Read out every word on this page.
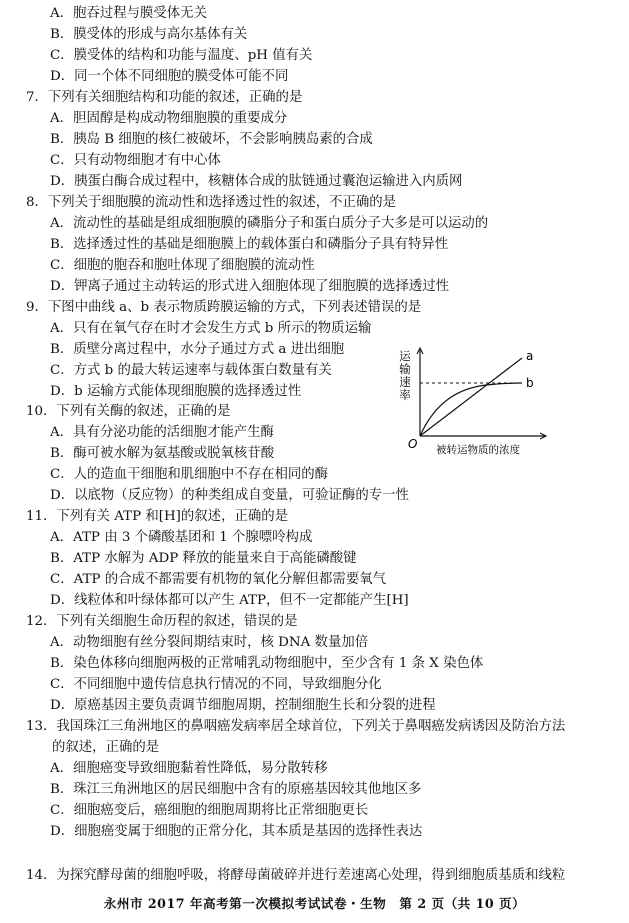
A．胞吞过程与膜受体无关
B．膜受体的形成与高尔基体有关
C．膜受体的结构和功能与温度、pH 值有关
D．同一个体不同细胞的膜受体可能不同
7．下列有关细胞结构和功能的叙述，正确的是
A．胆固醇是构成动物细胞膜的重要成分
B．胰岛 B 细胞的核仁被破坏，不会影响胰岛素的合成
C．只有动物细胞才有中心体
D．胰蛋白酶合成过程中，核糖体合成的肽链通过囊泡运输进入内质网
8．下列关于细胞膜的流动性和选择透过性的叙述，不正确的是
A．流动性的基础是组成细胞膜的磷脂分子和蛋白质分子大多是可以运动的
B．选择透过性的基础是细胞膜上的载体蛋白和磷脂分子具有特异性
C．细胞的胞吞和胞吐体现了细胞膜的流动性
D．钾离子通过主动转运的形式进入细胞体现了细胞膜的选择透过性
9．下图中曲线 a、b 表示物质跨膜运输的方式，下列表述错误的是
A．只有在氧气存在时才会发生方式 b 所示的物质运输
B．质壁分离过程中，水分子通过方式 a 进出细胞
C．方式 b 的最大转运速率与载体蛋白数量有关
D．b 运输方式能体现细胞膜的选择透过性
运
输
速
率
a
b
O 被转运物质的浓度
10．下列有关酶的叙述，正确的是
A．具有分泌功能的活细胞才能产生酶
B．酶可被水解为氨基酸或脱氧核苷酸
C．人的造血干细胞和肌细胞中不存在相同的酶
D．以底物（反应物）的种类组成自变量，可验证酶的专一性
11．下列有关 ATP 和[H]的叙述，正确的是
A．ATP 由 3 个磷酸基团和 1 个腺嘌呤构成
B．ATP 水解为 ADP 释放的能量来自于高能磷酸键
C．ATP 的合成不都需要有机物的氧化分解但都需要氧气
D．线粒体和叶绿体都可以产生 ATP，但不一定都能产生[H]
12．下列有关细胞生命历程的叙述，错误的是
A．动物细胞有丝分裂间期结束时，核 DNA 数量加倍
B．染色体移向细胞两极的正常哺乳动物细胞中，至少含有 1 条 X 染色体
C．不同细胞中遗传信息执行情况的不同，导致细胞分化
D．原癌基因主要负责调节细胞周期，控制细胞生长和分裂的进程
13．我国珠江三角洲地区的鼻咽癌发病率居全球首位，下列关于鼻咽癌发病诱因及防治方法
的叙述，正确的是
A．细胞癌变导致细胞黏着性降低，易分散转移
B．珠江三角洲地区的居民细胞中含有的原癌基因较其他地区多
C．细胞癌变后，癌细胞的细胞周期将比正常细胞更长
D．细胞癌变属于细胞的正常分化，其本质是基因的选择性表达
14．为探究酵母菌的细胞呼吸，将酵母菌破碎并进行差速离心处理，得到细胞质基质和线粒
永州市 2017 年高考第一次模拟考试试卷・生物　第 2 页（共 10 页）
